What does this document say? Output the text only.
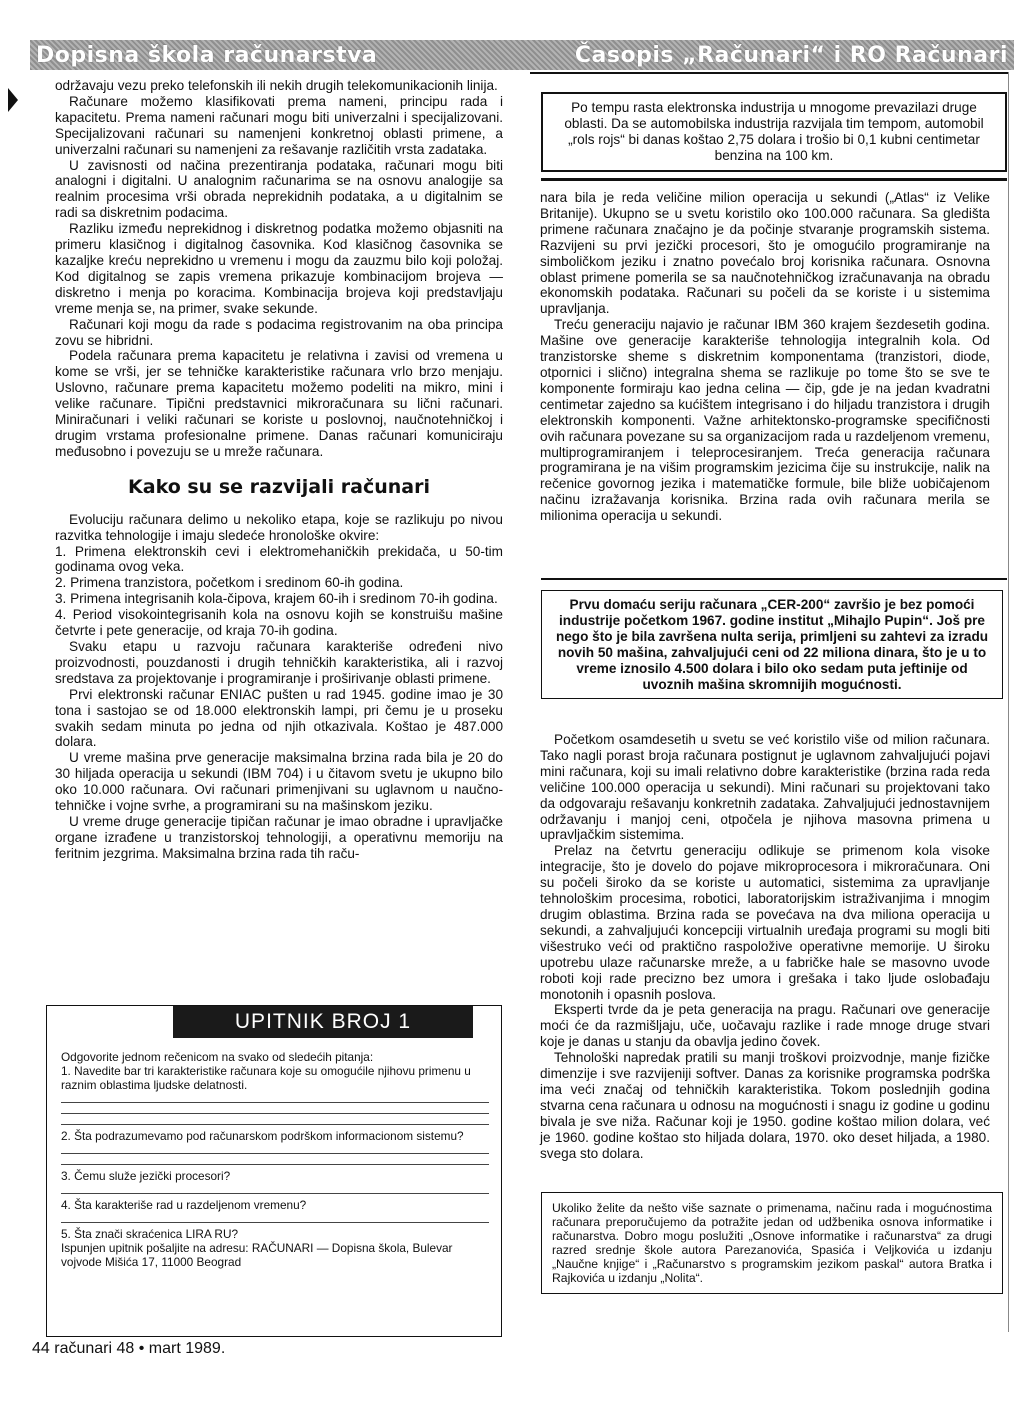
Dopisna škola računarstva	Časopis „Računari“ i RO Računari

održavaju vezu preko telefonskih ili nekih drugih telekomunikacionih linija.

Računare možemo klasifikovati prema nameni, principu rada i kapacitetu. Prema nameni računari mogu biti univerzalni i specijalizovani. Specijalizovani računari su namenjeni konkretnoj oblasti primene, a univerzalni računari su namenjeni za rešavanje različitih vrsta zadataka.

U zavisnosti od načina prezentiranja podataka, računari mogu biti analogni i digitalni. U analognim računarima se na osnovu analogije sa realnim procesima vrši obrada neprekidnih podataka, a u digitalnim se radi sa diskretnim podacima.

Razliku između neprekidnog i diskretnog podatka možemo objasniti na primeru klasičnog i digitalnog časovnika. Kod klasičnog časovnika se kazaljke kreću neprekidno u vremenu i mogu da zauzmu bilo koji položaj. Kod digitalnog se zapis vremena prikazuje kombinacijom brojeva — diskretno i menja po koracima. Kombinacija brojeva koji predstavljaju vreme menja se, na primer, svake sekunde.

Računari koji mogu da rade s podacima registrovanim na oba principa zovu se hibridni.

Podela računara prema kapacitetu je relativna i zavisi od vremena u kome se vrši, jer se tehničke karakteristike računara vrlo brzo menjaju. Uslovno, računare prema kapacitetu možemo podeliti na mikro, mini i velike računare. Tipični predstavnici mikroračunara su lični računari. Miniračunari i veliki računari se koriste u poslovnoj, naučnotehničkoj i drugim vrstama profesionalne primene. Danas računari komuniciraju međusobno i povezuju se u mreže računara.

Kako su se razvijali računari

Evoluciju računara delimo u nekoliko etapa, koje se razlikuju po nivou razvitka tehnologije i imaju sledeće hronološke okvire:

1. Primena elektronskih cevi i elektromehaničkih prekidača, u 50-tim godinama ovog veka.

2. Primena tranzistora, početkom i sredinom 60-ih godina.

3. Primena integrisanih kola-čipova, krajem 60-ih i sredinom 70-ih godina.

4. Period visokointegrisanih kola na osnovu kojih se konstruišu mašine četvrte i pete generacije, od kraja 70-ih godina.

Svaku etapu u razvoju računara karakteriše određeni nivo proizvodnosti, pouzdanosti i drugih tehničkih karakteristika, ali i razvoj sredstava za projektovanje i programiranje i proširivanje oblasti primene.

Prvi elektronski računar ENIAC pušten u rad 1945. godine imao je 30 tona i sastojao se od 18.000 elektronskih lampi, pri čemu je u proseku svakih sedam minuta po jedna od njih otkazivala. Koštao je 487.000 dolara.

U vreme mašina prve generacije maksimalna brzina rada bila je 20 do 30 hiljada operacija u sekundi (IBM 704) i u čitavom svetu je ukupno bilo oko 10.000 računara. Ovi računari primenjivani su uglavnom u naučno-tehničke i vojne svrhe, a programirani su na mašinskom jeziku.

U vreme druge generacije tipičan računar je imao obradne i upravljačke organe izrađene u tranzistorskoj tehnologiji, a operativnu memoriju na feritnim jezgrima. Maksimalna brzina rada tih raču-

UPITNIK BROJ 1

Odgovorite jednom rečenicom na svako od sledećih pitanja:

1. Navedite bar tri karakteristike računara koje su omogućile njihovu primenu u raznim oblastima ljudske delatnosti.

2. Šta podrazumevamo pod računarskom podrškom informacionom sistemu?

3. Čemu služe jezički procesori?

4. Šta karakteriše rad u razdeljenom vremenu?

5. Šta znači skraćenica LIRA RU?

Ispunjen upitnik pošaljite na adresu: RAČUNARI — Dopisna škola, Bulevar vojvode Mišića 17, 11000 Beograd

Po tempu rasta elektronska industrija u mnogome prevazilazi druge oblasti. Da se automobilska industrija razvijala tim tempom, automobil „rols rojs“ bi danas koštao 2,75 dolara i trošio bi 0,1 kubni centimetar benzina na 100 km.

nara bila je reda veličine milion operacija u sekundi („Atlas“ iz Velike Britanije). Ukupno se u svetu koristilo oko 100.000 računara. Sa gledišta primene računara značajno je da počinje stvaranje programskih sistema. Razvijeni su prvi jezički procesori, što je omogućilo programiranje na simboličkom jeziku i znatno povećalo broj korisnika računara. Osnovna oblast primene pomerila se sa naučnotehničkog izračunavanja na obradu ekonomskih podataka. Računari su počeli da se koriste i u sistemima upravljanja.

Treću generaciju najavio je računar IBM 360 krajem šezdesetih godina. Mašine ove generacije karakteriše tehnologija integralnih kola. Od tranzistorske sheme s diskretnim komponentama (tranzistori, diode, otpornici i slično) integralna shema se razlikuje po tome što se sve te komponente formiraju kao jedna celina — čip, gde je na jedan kvadratni centimetar zajedno sa kućištem integrisano i do hiljadu tranzistora i drugih elektronskih komponenti. Važne arhitektonsko-programske specifičnosti ovih računara povezane su sa organizacijom rada u razdeljenom vremenu, multiprogramiranjem i teleprocesiranjem. Treća generacija računara programirana je na višim programskim jezicima čije su instrukcije, nalik na rečenice govornog jezika i matematičke formule, bile bliže uobičajenom načinu izražavanja korisnika. Brzina rada ovih računara merila se milionima operacija u sekundi.

Prvu domaću seriju računara „CER-200“ završio je bez pomoći industrije početkom 1967. godine institut „Mihajlo Pupin“. Još pre nego što je bila završena nulta serija, primljeni su zahtevi za izradu novih 50 mašina, zahvaljujući ceni od 22 miliona dinara, što je u to vreme iznosilo 4.500 dolara i bilo oko sedam puta jeftinije od uvoznih mašina skromnijih mogućnosti.

Početkom osamdesetih u svetu se već koristilo više od milion računara. Tako nagli porast broja računara postignut je uglavnom zahvaljujući pojavi mini računara, koji su imali relativno dobre karakteristike (brzina rada reda veličine 100.000 operacija u sekundi). Mini računari su projektovani tako da odgovaraju rešavanju konkretnih zadataka. Zahvaljujući jednostavnijem održavanju i manjoj ceni, otpočela je njihova masovna primena u upravljačkim sistemima.

Prelaz na četvrtu generaciju odlikuje se primenom kola visoke integracije, što je dovelo do pojave mikroprocesora i mikroračunara. Oni su počeli široko da se koriste u automatici, sistemima za upravljanje tehnološkim procesima, robotici, laboratorijskim istraživanjima i mnogim drugim oblastima. Brzina rada se povećava na dva miliona operacija u sekundi, a zahvaljujući koncepciji virtualnih uređaja programi su mogli biti višestruko veći od praktično raspoložive operativne memorije. U široku upotrebu ulaze računarske mreže, a u fabričke hale se masovno uvode roboti koji rade precizno bez umora i grešaka i tako ljude oslobađaju monotonih i opasnih poslova.

Eksperti tvrde da je peta generacija na pragu. Računari ove generacije moći će da razmišljaju, uče, uočavaju razlike i rade mnoge druge stvari koje je danas u stanju da obavlja jedino čovek.

Tehnološki napredak pratili su manji troškovi proizvodnje, manje fizičke dimenzije i sve razvijeniji softver. Danas za korisnike programska podrška ima veći značaj od tehničkih karakteristika. Tokom poslednjih godina stvarna cena računara u odnosu na mogućnosti i snagu iz godine u godinu bivala je sve niža. Računar koji je 1950. godine koštao milion dolara, već je 1960. godine koštao sto hiljada dolara, 1970. oko deset hiljada, a 1980. svega sto dolara.

Ukoliko želite da nešto više saznate o primenama, načinu rada i mogućnostima računara preporučujemo da potražite jedan od udžbenika osnova informatike i računarstva. Dobro mogu poslužiti „Osnove informatike i računarstva“ za drugi razred srednje škole autora Parezanovića, Spasića i Veljkovića u izdanju „Naučne knjige“ i „Računarstvo s programskim jezikom paskal“ autora Bratka i Rajkovića u izdanju „Nolita“.
44 računari 48 • mart 1989.
